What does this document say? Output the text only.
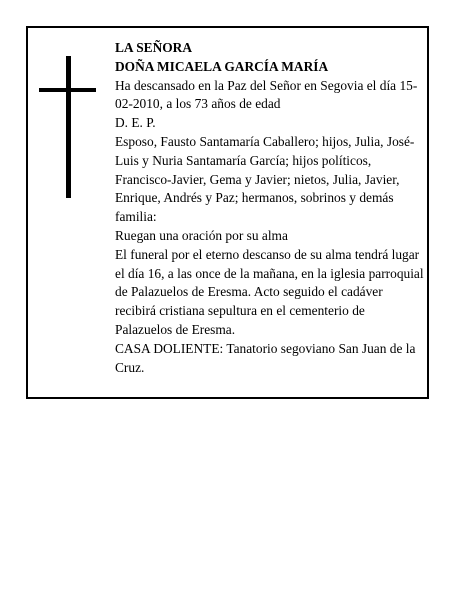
LA SEÑORA

DOÑA MICAELA GARCÍA MARÍA

Ha descansado en la Paz del Señor en Segovia el día 15-02-2010, a los 73 años de edad

D. E. P.

Esposo, Fausto Santamaría Caballero; hijos, Julia, José-Luis y Nuria Santamaría García; hijos políticos, Francisco-Javier, Gema y Javier; nietos, Julia, Javier, Enrique, Andrés y Paz; hermanos, sobrinos y demás familia:

Ruegan una oración por su alma

El funeral por el eterno descanso de su alma tendrá lugar el día 16, a las once de la mañana, en la iglesia parroquial de Palazuelos de Eresma. Acto seguido el cadáver recibirá cristiana sepultura en el cementerio de Palazuelos de Eresma.

CASA DOLIENTE: Tanatorio segoviano San Juan de la Cruz.
